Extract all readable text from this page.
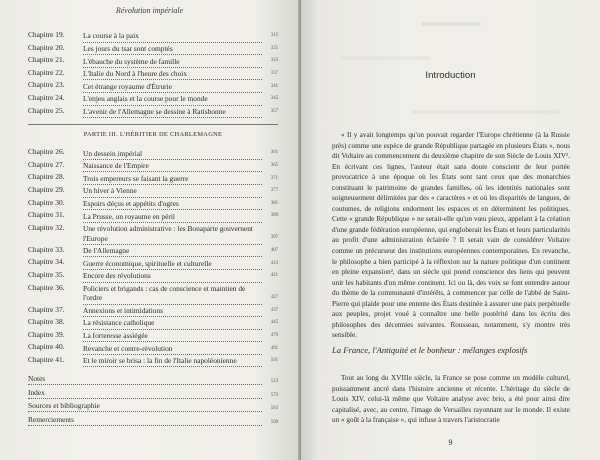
Révolution impériale
Chapitre 19.	La course à la paix	315
Chapitre 20.	Les jours du tsar sont comptés	325
Chapitre 21.	L'ébauche du système de famille	333
Chapitre 22.	L'Italie du Nord à l'heure des choix	337
Chapitre 23.	Cet étrange royaume d'Étrurie	341
Chapitre 24.	L'enjeu anglais et la course pour le monde	345
Chapitre 25.	L'avenir de l'Allemagne se dessine à Ratisbonne	357
PARTIE III. L'HÉRITIER DE CHARLEMAGNE
Chapitre 26.	Un dessein impérial	361
Chapitre 27.	Naissance de l'Empire	365
Chapitre 28.	Trois empereurs se faisant la guerre	371
Chapitre 29.	Un hiver à Vienne	377
Chapitre 30.	Espoirs déçus et appétits d'ogres	381
Chapitre 31.	La Prusse, un royaume en péril	389
Chapitre 32.	Une révolution administrative : les Bonaparte gouvernent l'Europe	397
Chapitre 33.	De l'Allemagne	407
Chapitre 34.	Guerre économique, spirituelle et culturelle	413
Chapitre 35.	Encore des révolutions	421
Chapitre 36.	Policiers et brigands : cas de conscience et maintien de l'ordre	427
Chapitre 37.	Annexions et intimidations	437
Chapitre 38.	La résistance catholique	445
Chapitre 39.	La forteresse assiégée	479
Chapitre 40.	Revanche et contre-révolution	491
Chapitre 41.	Et le miroir se brisa : la fin de l'Italie napoléonienne	501
Notes	513
Index	573
Sources et bibliographie	583
Remerciements	599
Introduction
« Il y avait longtemps qu'on pouvait regarder l'Europe chrétienne (à la Russie près) comme une espèce de grande République partagée en plusieurs États », nous dit Voltaire au commencement du deuxième chapitre de son Siècle de Louis XIV¹. En écrivant ces lignes, l'auteur était sans doute conscient de leur portée provocatrice à une époque où les États sont tant ceux que des monarchies constituant le patrimoine de grandes familles, où les identités nationales sont soigneusement délimitées par des « caractères » et où les disparités de langues, de coutumes, de religions endorment les espaces et en déterminent les politiques. Cette « grande République » ne serait-elle qu'un vœu pieux, appelant à la création d'une grande fédération européenne, qui engloberait les États et leurs particularités au profit d'une administration éclairée ? Il serait vain de considérer Voltaire comme un précurseur des institutions européennes contemporaines. En revanche, le philosophe a bien participé à la réflexion sur la nature politique d'un continent en pleine expansion², dans un siècle qui prend conscience des liens qui peuvent unir les habitants d'un même continent. Ici ou là, des voix se font entendre autour du thème de la communauté d'intérêts, à commencer par celle de l'abbé de Saint-Pierre qui plaide pour une entente des États destinée à assurer une paix perpétuelle aux peuples, projet voué à connaître une belle postérité dans les écrits des philosophes des décennies suivantes. Rousseau, notamment, s'y montre très sensible.
La France, l'Antiquité et le bonheur : mélanges explosifs
Tout au long du XVIIIe siècle, la France se pose comme un modèle culturel, puissamment ancré dans l'histoire ancienne et récente. L'héritage du siècle de Louis XIV, celui-là même que Voltaire analyse avec brio, a été pour ainsi dire capitalisé, avec, au centre, l'image de Versailles rayonnant sur le monde. Il existe un « goût à la française », qui infuse à travers l'aristocratie
9
